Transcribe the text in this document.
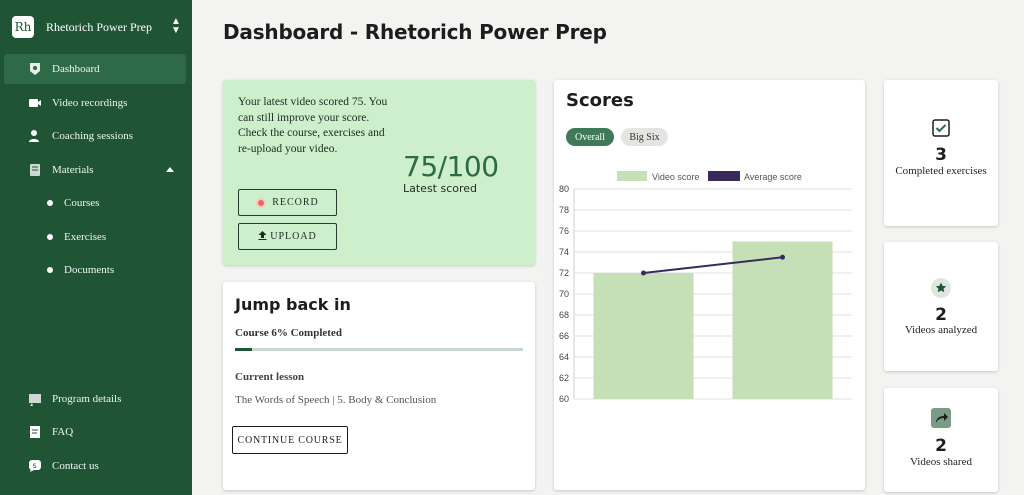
Rh Rhetorich Power Prep ▲
▼
Dashboard
Video recordings
Coaching sessions
Materials
Courses
Exercises
Documents
Program details
FAQ
s Contact us
Dashboard - Rhetorich Power Prep

Your latest video scored 75. You can still improve your score. Check the course, exercises and re-upload your video.

75/100
Latest scored
RECORD
UPLOAD
Jump back in
Course 6% Completed
Current lesson
The Words of Speech | 5. Body & Conclusion
CONTINUE COURSE
Scores
Overall	Big Six
60
62
64
66
68
70
72
74
76
78
80
Video score	Average score
3
Completed exercises
2
Videos analyzed
2
Videos shared
